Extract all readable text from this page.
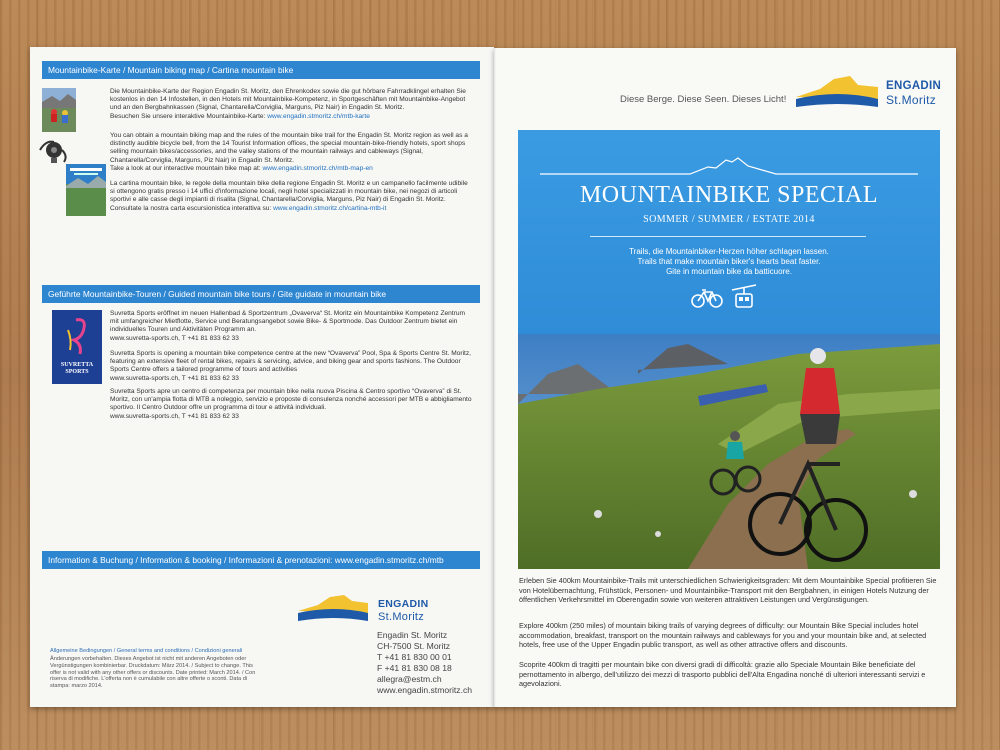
Mountainbike-Karte / Mountain biking map / Cartina mountain bike
Die Mountainbike-Karte der Region Engadin St. Moritz, den Ehrenkodex sowie die gut hörbare Fahrradklingel erhalten Sie kostenlos in den 14 Infostellen, in den Hotels mit Mountainbike-Kompetenz, in Sportgeschäften mit Mountainbike-Angebot und an den Bergbahnkassen (Signal, Chantarella/Corviglia, Marguns, Piz Nair) in Engadin St. Moritz.
Besuchen Sie unsere interaktive Mountainbike-Karte: www.engadin.stmoritz.ch/mtb-karte
You can obtain a mountain biking map and the rules of the mountain bike trail for the Engadin St. Moritz region as well as a distinctly audible bicycle bell, from the 14 Tourist Information offices, the special mountain-bike-friendly hotels, sport shops selling mountain bikes/accessories, and the valley stations of the mountain railways and cableways (Signal, Chantarella/Corviglia, Marguns, Piz Nair) in Engadin St. Moritz.
Take a look at our interactive mountain bike map at: www.engadin.stmoritz.ch/mtb-map-en
La cartina mountain bike, le regole della mountain bike della regione Engadin St. Moritz e un campanello facilmente udibile si ottengono gratis presso i 14 uffici d'informazione locali, negli hotel specializzati in mountain bike, nei negozi di articoli sportivi e alle casse degli impianti di risalita (Signal, Chantarella/Corviglia, Marguns, Piz Nair) di Engadin St. Moritz.
Consultate la nostra carta escursionistica interattiva su: www.engadin.stmoritz.ch/cartina-mtb-it
Geführte Mountainbike-Touren / Guided mountain bike tours / Gite guidate in mountain bike
SUVRETTA SPORTS
Suvretta Sports eröffnet im neuen Hallenbad & Sportzentrum „Ovaverva“ St. Moritz ein Mountainbike Kompetenz Zentrum mit umfangreicher Mietflotte, Service und Beratungsangebot sowie Bike- & Sportmode. Das Outdoor Zentrum bietet ein individuelles Touren und Aktivitäten Programm an.
www.suvretta-sports.ch, T +41 81 833 62 33
Suvretta Sports is opening a mountain bike competence centre at the new “Ovaverva” Pool, Spa & Sports Centre St. Moritz, featuring an extensive fleet of rental bikes, repairs & servicing, advice, and biking gear and sports fashions. The Outdoor Sports Centre offers a tailored programme of tours and activities
www.suvretta-sports.ch, T +41 81 833 62 33
Suvretta Sports apre un centro di competenza per mountain bike nella nuova Piscina & Centro sportivo “Ovaverva” di St. Moritz, con un'ampia flotta di MTB a noleggio, servizio e proposte di consulenza nonché accessori per MTB e abbigliamento sportivo. Il Centro Outdoor offre un programma di tour e attività individuali.
www.suvretta-sports.ch, T +41 81 833 62 33
Information & Buchung / Information & booking / Informazioni & prenotazioni: www.engadin.stmoritz.ch/mtb
ENGADIN
St.Moritz
Allgemeine Bedingungen / General terms and conditions / Condizioni generali
Änderungen vorbehalten. Dieses Angebot ist nicht mit anderen Angeboten oder Vergünstigungen kombinierbar. Druckdatum: März 2014. / Subject to change. This offer is not valid with any other offers or discounts. Date printed: March 2014. / Con riserva di modifiche. L'offerta non è cumulabile con altre offerte o sconti. Data di stampa: marzo 2014.
Engadin St. Moritz
CH-7500 St. Moritz
T +41 81 830 00 01
F +41 81 830 08 18
allegra@estm.ch
www.engadin.stmoritz.ch
Diese Berge. Diese Seen. Dieses Licht!
ENGADIN
St.Moritz
MOUNTAINBIKE SPECIAL
SOMMER / SUMMER / ESTATE 2014
Trails, die Mountainbiker-Herzen höher schlagen lassen.
Trails that make mountain biker's hearts beat faster.
Gite in mountain bike da batticuore.
Erleben Sie 400km Mountainbike-Trails mit unterschiedlichen Schwierigkeitsgraden: Mit dem Mountainbike Special profitieren Sie von Hotelübernachtung, Frühstück, Personen- und Mountainbike-Transport mit den Bergbahnen, in einigen Hotels Nutzung der öffentlichen Verkehrsmittel im Oberengadin sowie von weiteren attraktiven Leistungen und Vergünstigungen.
Explore 400km (250 miles) of mountain biking trails of varying degrees of difficulty: our Mountain Bike Special includes hotel accommodation, breakfast, transport on the mountain railways and cableways for you and your mountain bike and, at selected hotels, free use of the Upper Engadin public transport, as well as other attractive offers and discounts.
Scoprite 400km di tragitti per mountain bike con diversi gradi di difficoltà: grazie allo Speciale Mountain Bike beneficiate del pernottamento in albergo, dell'utilizzo dei mezzi di trasporto pubblici dell'Alta Engadina nonché di ulteriori interessanti servizi e agevolazioni.
